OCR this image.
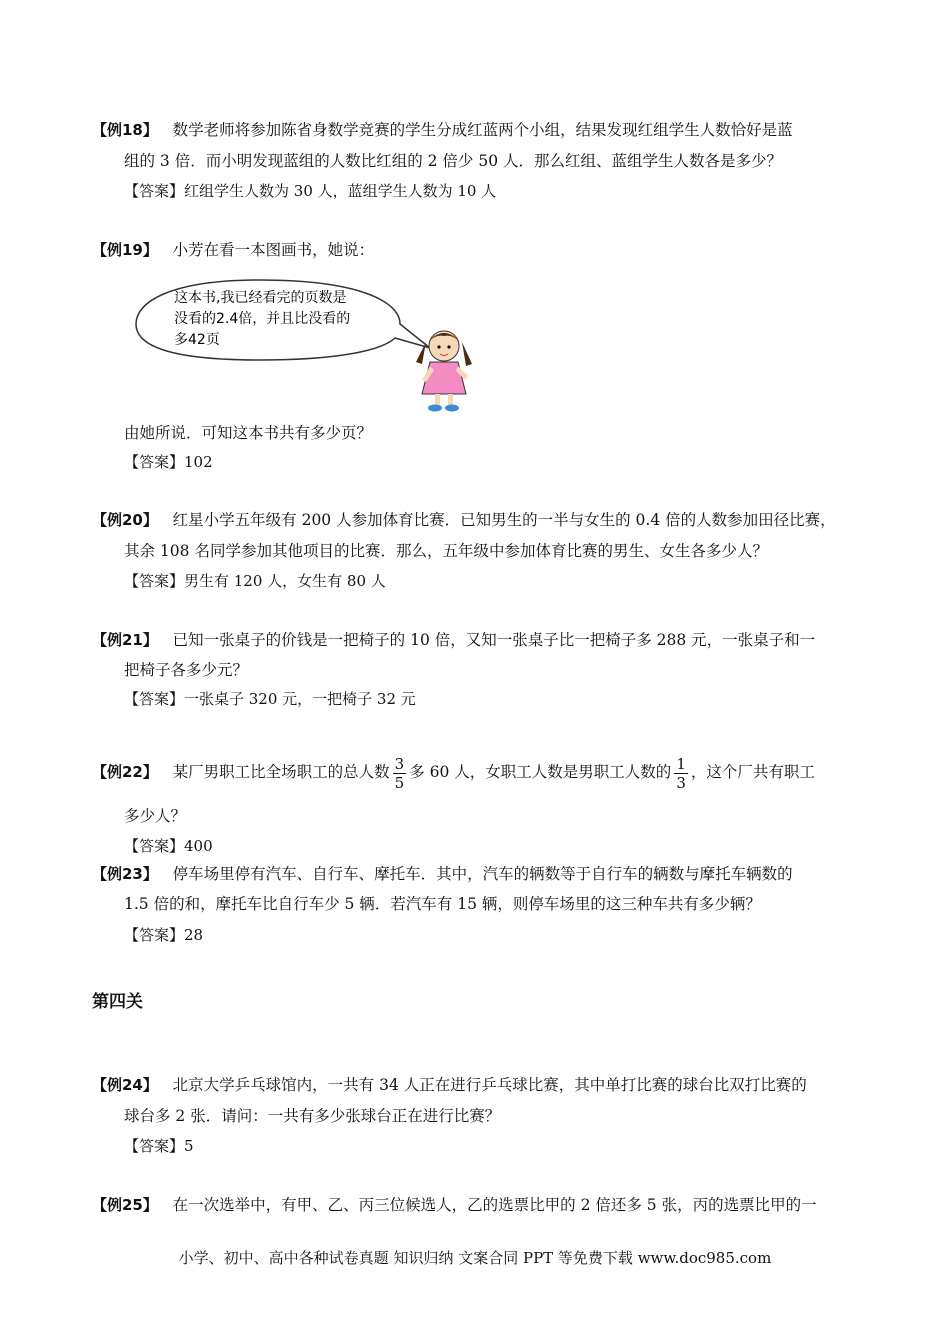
【例18】 数学老师将参加陈省身数学竞赛的学生分成红蓝两个小组，结果发现红组学生人数恰好是蓝
组的 3 倍．而小明发现蓝组的人数比红组的 2 倍少 50 人．那么红组、蓝组学生人数各是多少？
【答案】红组学生人数为 30 人，蓝组学生人数为 10 人
【例19】 小芳在看一本图画书，她说：
这本书,我已经看完的页数是
没看的2.4倍，并且比没看的
多42页
由她所说．可知这本书共有多少页？
【答案】102
【例20】 红星小学五年级有 200 人参加体育比赛．已知男生的一半与女生的 0.4 倍的人数参加田径比赛，
其余 108 名同学参加其他项目的比赛．那么，五年级中参加体育比赛的男生、女生各多少人？
【答案】男生有 120 人，女生有 80 人
【例21】 已知一张桌子的价钱是一把椅子的 10 倍，又知一张桌子比一把椅子多 288 元，一张桌子和一
把椅子各多少元？
【答案】一张桌子 320 元，一把椅子 32 元
【例22】 某厂男职工比全场职工的总人数 $\frac{3}{5}$ 多 60 人，女职工人数是男职工人数的 $\frac{1}{3}$ ，这个厂共有职工
多少人？
【答案】400
【例23】 停车场里停有汽车、自行车、摩托车．其中，汽车的辆数等于自行车的辆数与摩托车辆数的
1.5 倍的和，摩托车比自行车少 5 辆．若汽车有 15 辆，则停车场里的这三种车共有多少辆？
【答案】28
第四关
【例24】 北京大学乒乓球馆内，一共有 34 人正在进行乒乓球比赛，其中单打比赛的球台比双打比赛的
球台多 2 张．请问：一共有多少张球台正在进行比赛？
【答案】5
【例25】 在一次选举中，有甲、乙、丙三位候选人，乙的选票比甲的 2 倍还多 5 张，丙的选票比甲的一
小学、初中、高中各种试卷真题 知识归纳 文案合同 PPT 等免费下载 www.doc985.com
